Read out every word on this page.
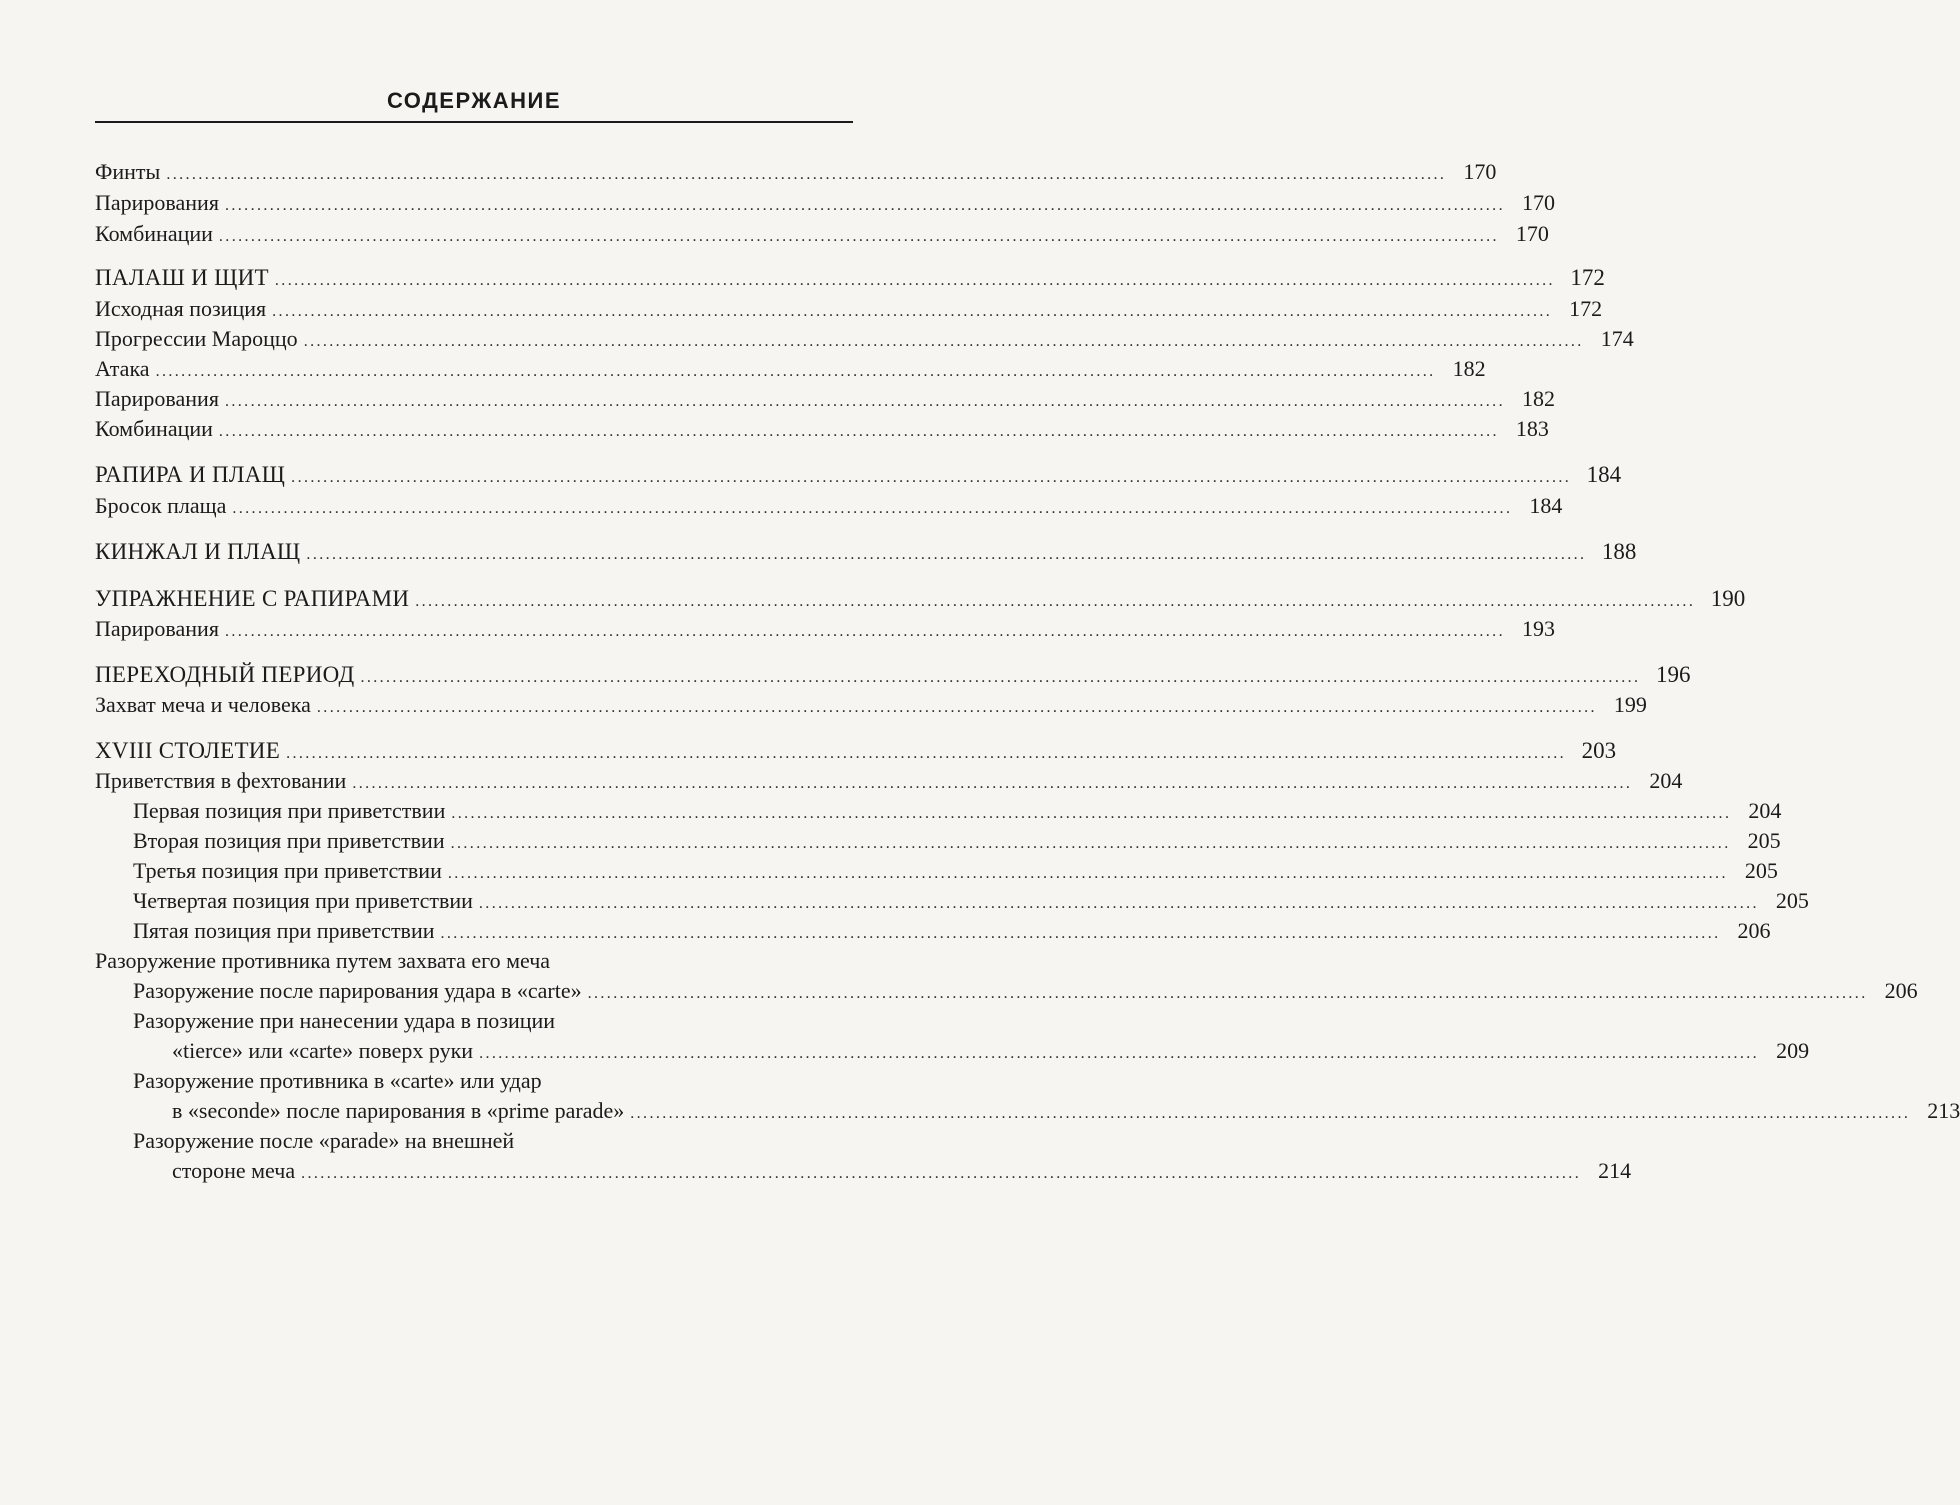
СОДЕРЖАНИЕ
Финты ........................................................................................................................................................................................................ 170
Парирования ........................................................................................................................................................................................................ 170
Комбинации ........................................................................................................................................................................................................ 170
ПАЛАШ И ЩИТ ........................................................................................................................................................................................................ 172
Исходная позиция ........................................................................................................................................................................................................ 172
Прогрессии Мароццо ........................................................................................................................................................................................................ 174
Атака ........................................................................................................................................................................................................ 182
Парирования ........................................................................................................................................................................................................ 182
Комбинации ........................................................................................................................................................................................................ 183
РАПИРА И ПЛАЩ ........................................................................................................................................................................................................ 184
Бросок плаща ........................................................................................................................................................................................................ 184
КИНЖАЛ И ПЛАЩ ........................................................................................................................................................................................................ 188
УПРАЖНЕНИЕ С РАПИРАМИ ........................................................................................................................................................................................................ 190
Парирования ........................................................................................................................................................................................................ 193
ПЕРЕХОДНЫЙ ПЕРИОД ........................................................................................................................................................................................................ 196
Захват меча и человека ........................................................................................................................................................................................................ 199
XVIII СТОЛЕТИЕ ........................................................................................................................................................................................................ 203
Приветствия в фехтовании ........................................................................................................................................................................................................ 204
Первая позиция при приветствии ........................................................................................................................................................................................................ 204
Вторая позиция при приветствии ........................................................................................................................................................................................................ 205
Третья позиция при приветствии ........................................................................................................................................................................................................ 205
Четвертая позиция при приветствии ........................................................................................................................................................................................................ 205
Пятая позиция при приветствии ........................................................................................................................................................................................................ 206
Разоружение противника путем захвата его меча
Разоружение после парирования удара в «carte» ........................................................................................................................................................................................................ 206
Разоружение при нанесении удара в позиции
«tierce» или «carte» поверх руки ........................................................................................................................................................................................................ 209
Разоружение противника в «carte» или удар
в «seconde» после парирования в «prime parade» ........................................................................................................................................................................................................ 213
Разоружение после «parade» на внешней
стороне меча ........................................................................................................................................................................................................ 214
